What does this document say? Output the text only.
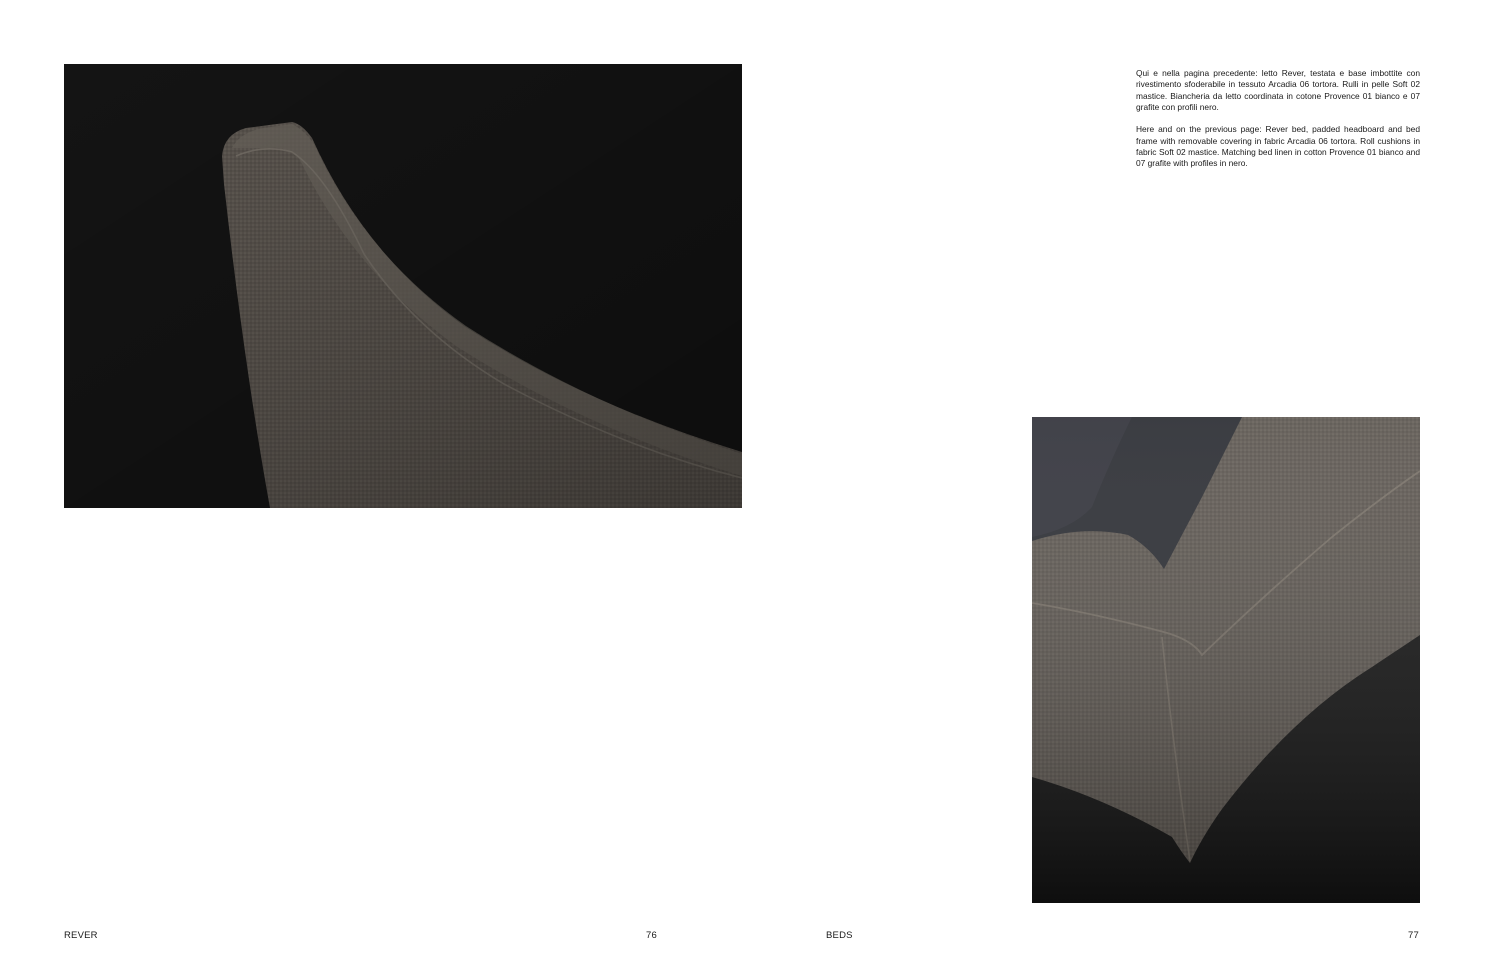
Qui e nella pagina precedente: letto Rever, testata e base imbottite con rivestimento sfoderabile in tessuto Arcadia 06 tortora. Rulli in pelle Soft 02 mastice. Biancheria da letto coordinata in cotone Provence 01 bianco e 07 grafite con profili nero.

Here and on the previous page: Rever bed, padded headboard and bed frame with removable covering in fabric Arcadia 06 tortora. Roll cushions in fabric Soft 02 mastice. Matching bed linen in cotton Provence 01 bianco and 07 grafite with profiles in nero.

REVER	76	BEDS	77
